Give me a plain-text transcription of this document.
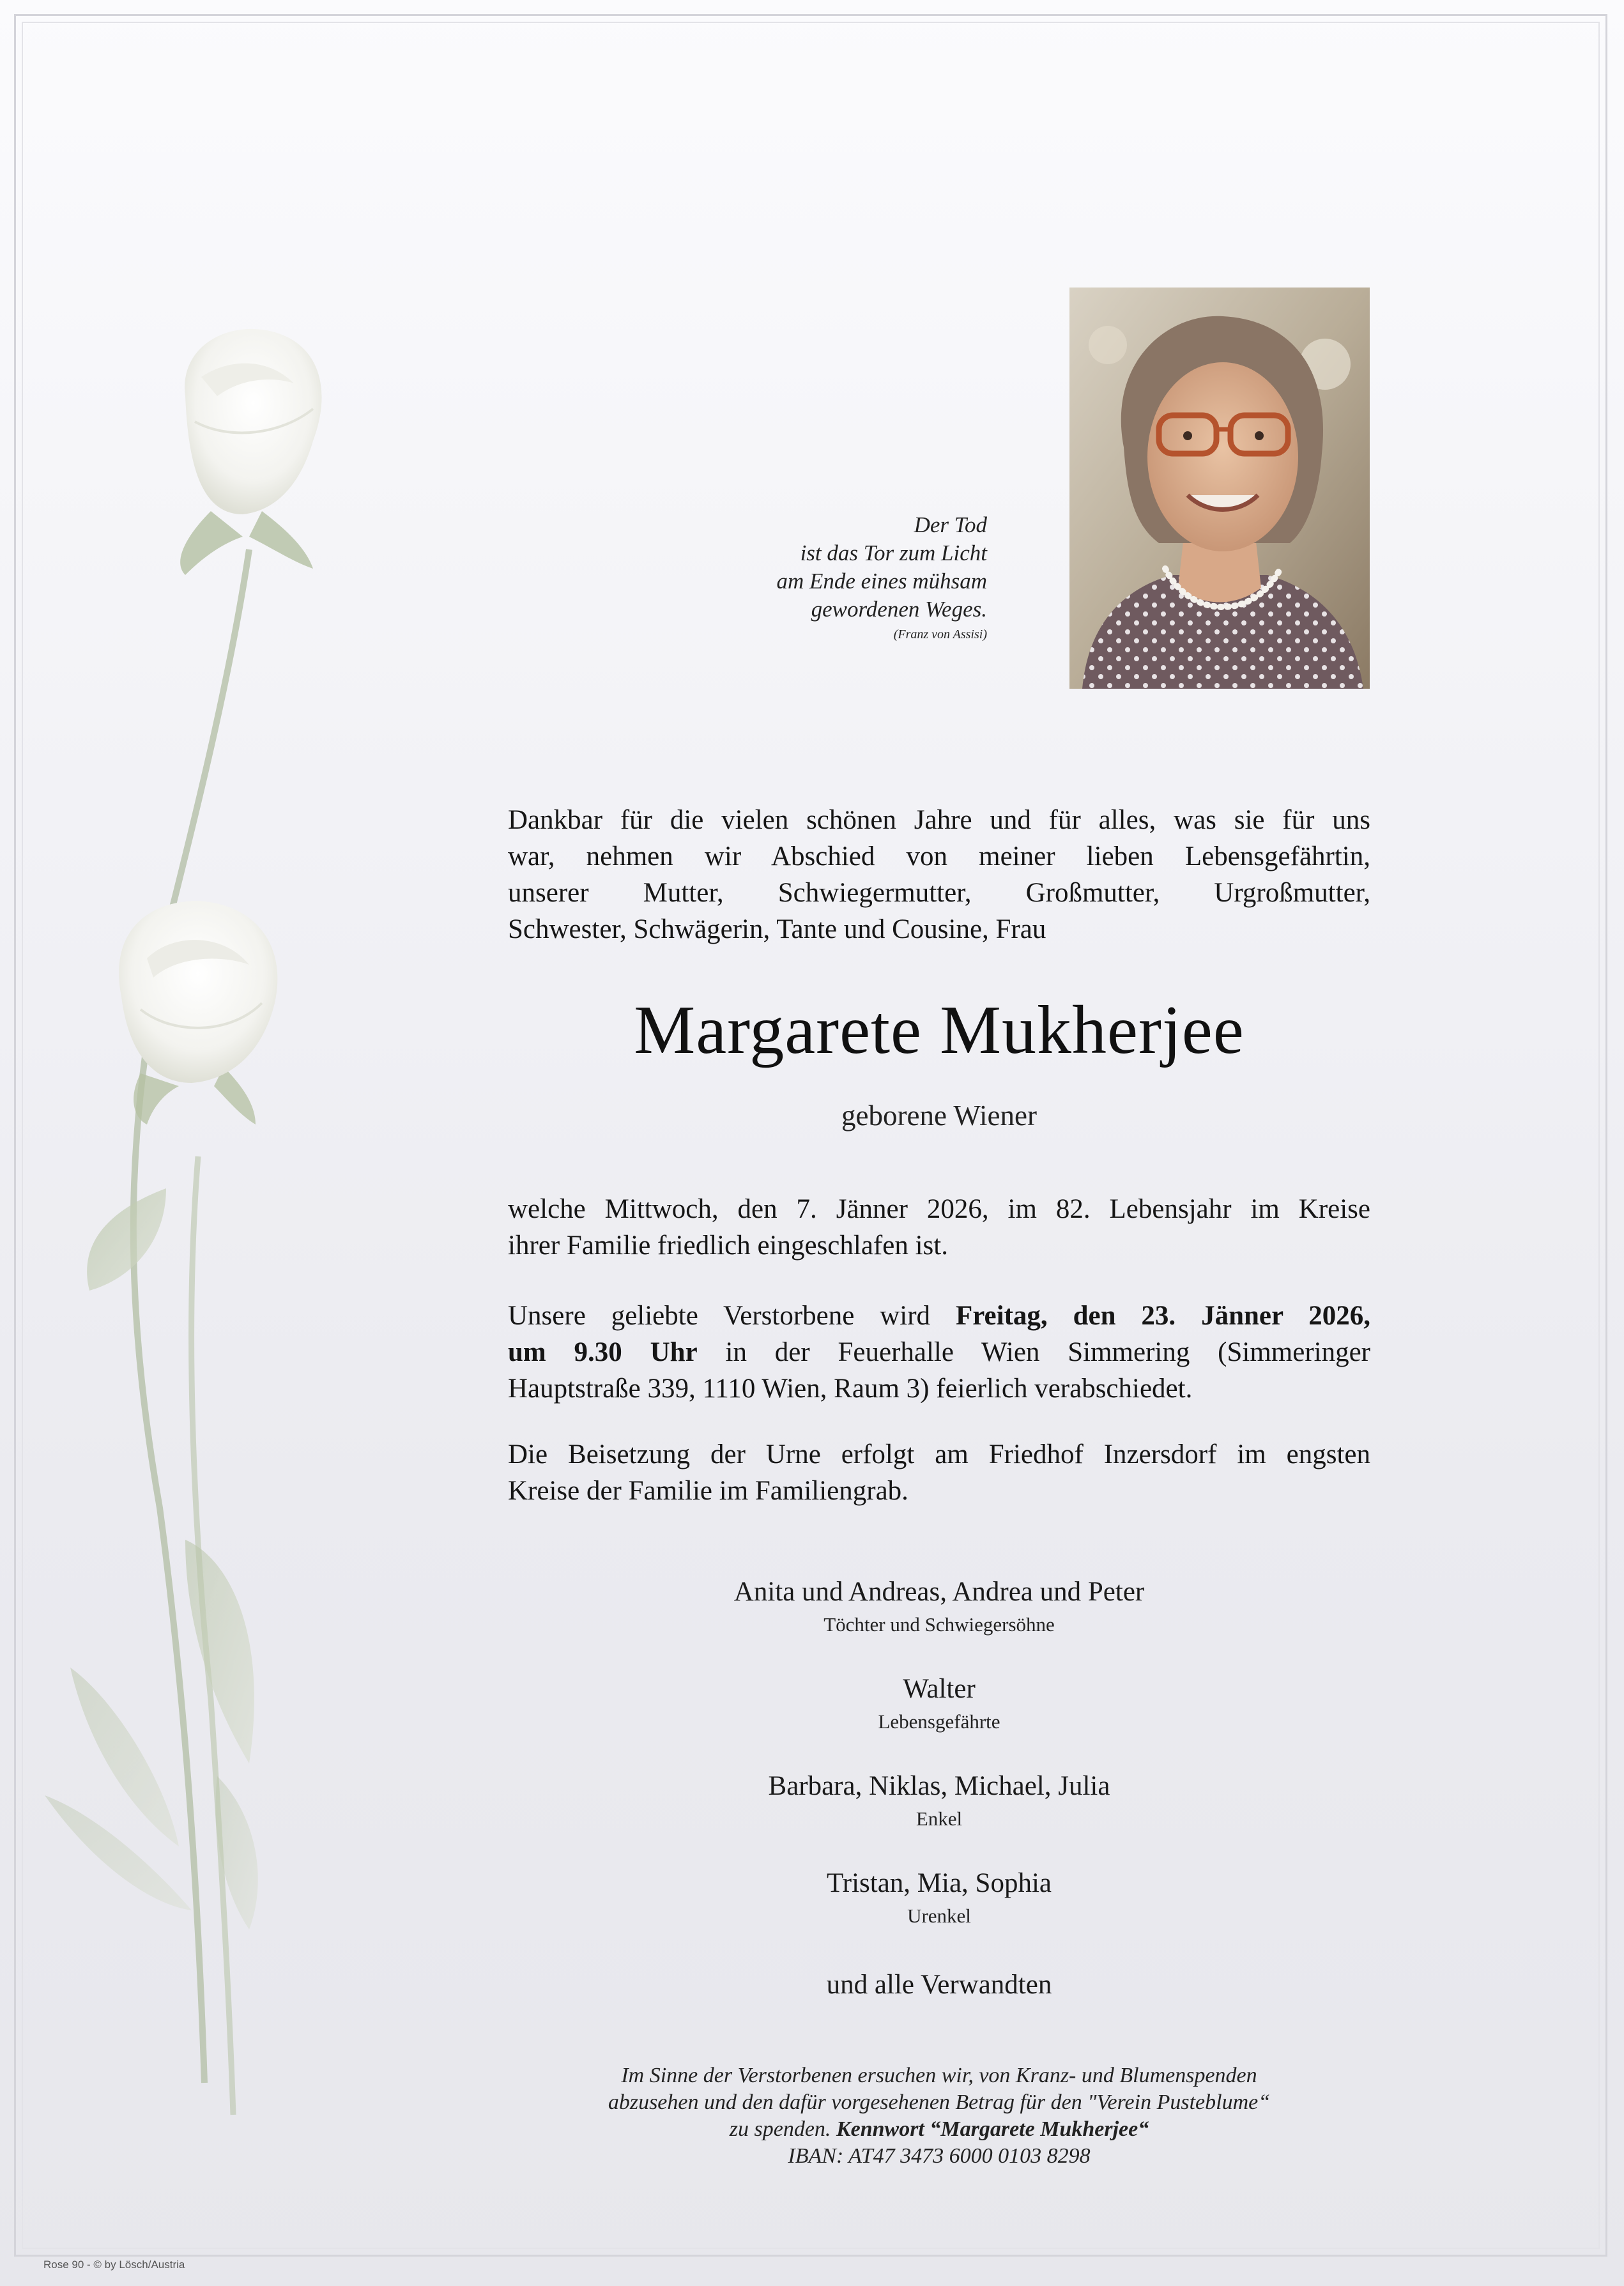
Der Tod
ist das Tor zum Licht
am Ende eines mühsam
gewordenen Weges.
(Franz von Assisi)
Dankbar für die vielen schönen Jahre und für alles, was sie für uns
war, nehmen wir Abschied von meiner lieben Lebensgefährtin,
unserer Mutter, Schwiegermutter, Großmutter, Urgroßmutter,
Schwester, Schwägerin, Tante und Cousine, Frau
Margarete Mukherjee
geborene Wiener
welche Mittwoch, den 7. Jänner 2026, im 82. Lebensjahr im Kreise
ihrer Familie friedlich eingeschlafen ist.
Unsere geliebte Verstorbene wird Freitag, den 23. Jänner 2026,
um 9.30 Uhr in der Feuerhalle Wien Simmering (Simmeringer
Hauptstraße 339, 1110 Wien, Raum 3) feierlich verabschiedet.
Die Beisetzung der Urne erfolgt am Friedhof Inzersdorf im engsten
Kreise der Familie im Familiengrab.
Anita und Andreas, Andrea und Peter
Töchter und Schwiegersöhne
Walter
Lebensgefährte
Barbara, Niklas, Michael, Julia
Enkel
Tristan, Mia, Sophia
Urenkel
und alle Verwandten
Im Sinne der Verstorbenen ersuchen wir, von Kranz- und Blumenspenden
abzusehen und den dafür vorgesehenen Betrag für den "Verein Pusteblume“
zu spenden. Kennwort “Margarete Mukherjee“
IBAN: AT47 3473 6000 0103 8298
Rose 90 - © by Lösch/Austria
